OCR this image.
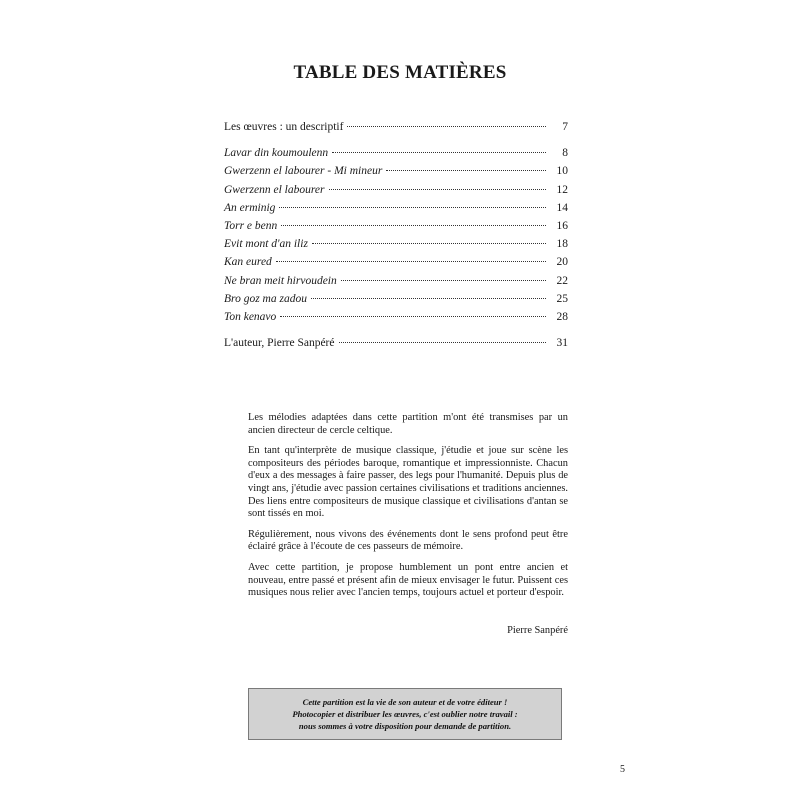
TABLE DES MATIÈRES
Les œuvres : un descriptif	7
Lavar din koumoulenn	8
Gwerzenn el labourer - Mi mineur	10
Gwerzenn el labourer	12
An erminig	14
Torr e benn	16
Evit mont d'an iliz	18
Kan eured	20
Ne bran meit hirvoudein	22
Bro goz ma zadou	25
Ton kenavo	28
L'auteur, Pierre Sanpéré	31

Les mélodies adaptées dans cette partition m'ont été transmises par un ancien directeur de cercle celtique.

En tant qu'interprète de musique classique, j'étudie et joue sur scène les compositeurs des périodes baroque, romantique et impressionniste. Chacun d'eux a des messages à faire passer, des legs pour l'humanité. Depuis plus de vingt ans, j'étudie avec passion certaines civilisations et traditions anciennes. Des liens entre compositeurs de musique classique et civilisations d'antan se sont tissés en moi.

Régulièrement, nous vivons des événements dont le sens profond peut être éclairé grâce à l'écoute de ces passeurs de mémoire.

Avec cette partition, je propose humblement un pont entre ancien et nouveau, entre passé et présent afin de mieux envisager le futur. Puissent ces musiques nous relier avec l'ancien temps, toujours actuel et porteur d'espoir.

Pierre Sanpéré
Cette partition est la vie de son auteur et de votre éditeur !
Photocopier et distribuer les œuvres, c'est oublier notre travail :
nous sommes à votre disposition pour demande de partition.
5
